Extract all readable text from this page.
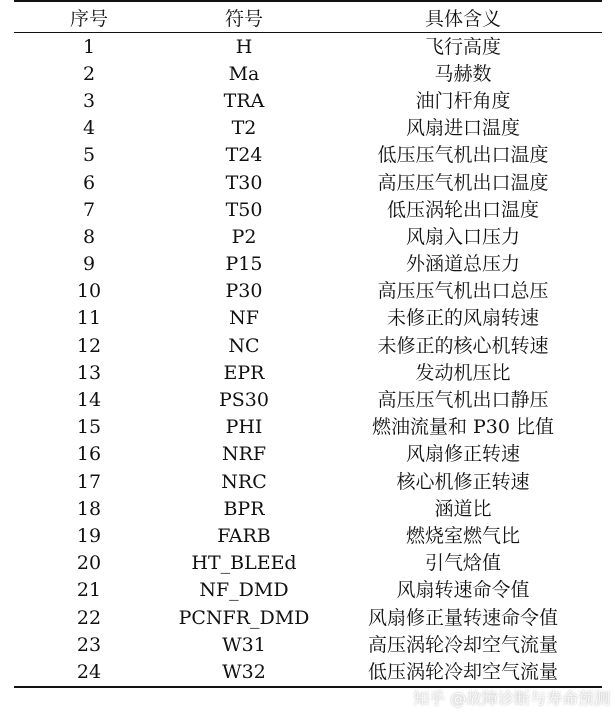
序号	符号	具体含义
1	H	飞行高度
2	Ma	马赫数
3	TRA	油门杆角度
4	T2	风扇进口温度
5	T24	低压压气机出口温度
6	T30	高压压气机出口温度
7	T50	低压涡轮出口温度
8	P2	风扇入口压力
9	P15	外涵道总压力
10	P30	高压压气机出口总压
11	NF	未修正的风扇转速
12	NC	未修正的核心机转速
13	EPR	发动机压比
14	PS30	高压压气机出口静压
15	PHI	燃油流量和 P30 比值
16	NRF	风扇修正转速
17	NRC	核心机修正转速
18	BPR	涵道比
19	FARB	燃烧室燃气比
20	HT_BLEEd	引气焓值
21	NF_DMD	风扇转速命令值
22	PCNFR_DMD	风扇修正量转速命令值
23	W31	高压涡轮冷却空气流量
24	W32	低压涡轮冷却空气流量
知乎 @故障诊断与寿命预测
